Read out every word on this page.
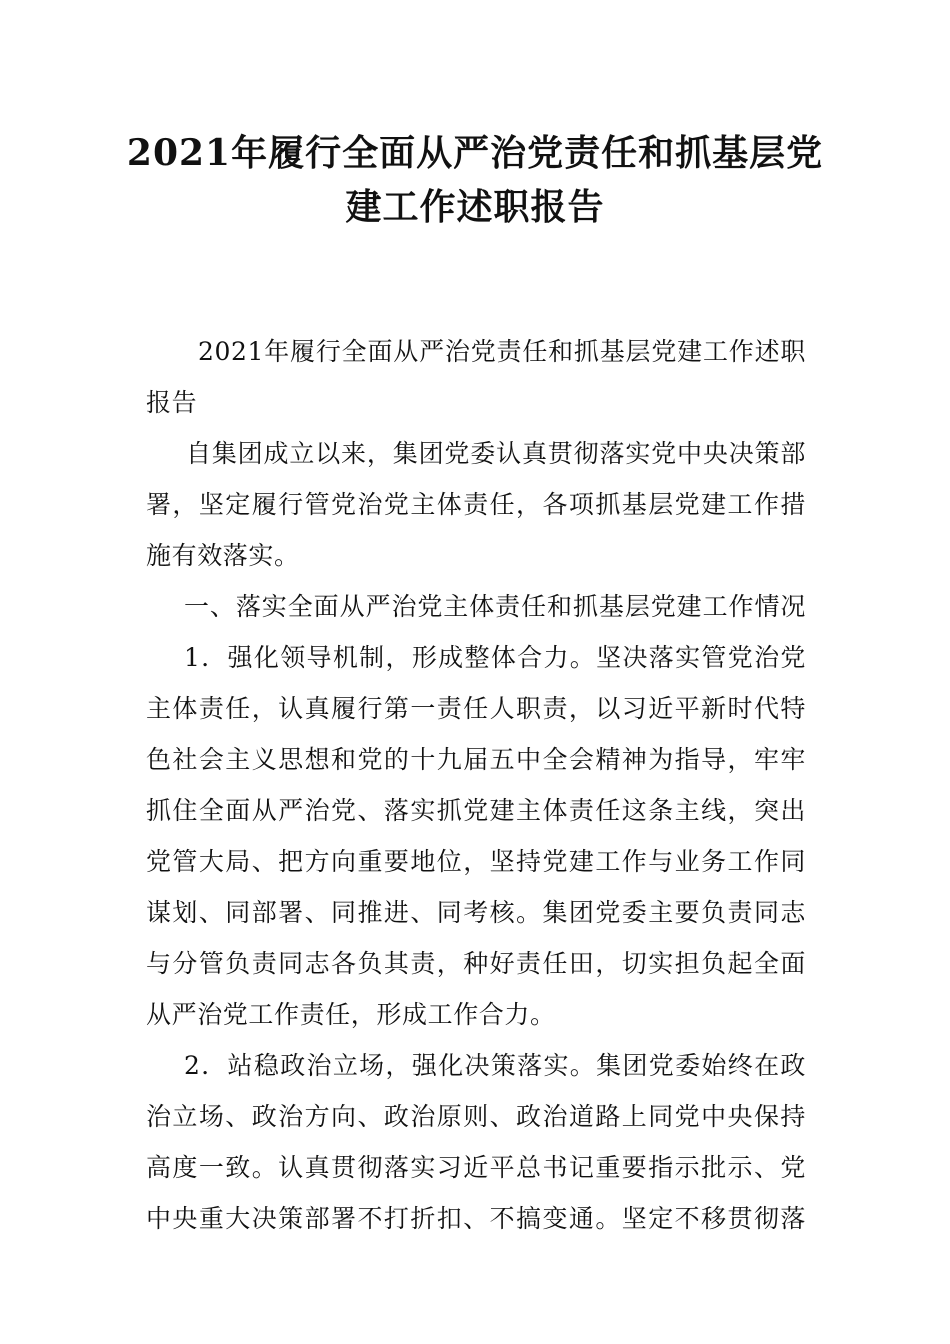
2021年履行全面从严治党责任和抓基层党
建工作述职报告
2021年履行全面从严治党责任和抓基层党建工作述职
报告
自集团成立以来，集团党委认真贯彻落实党中央决策部
署，坚定履行管党治党主体责任，各项抓基层党建工作措
施有效落实。
一、落实全面从严治党主体责任和抓基层党建工作情况
1．强化领导机制，形成整体合力。坚决落实管党治党
主体责任，认真履行第一责任人职责，以习近平新时代特
色社会主义思想和党的十九届五中全会精神为指导，牢牢
抓住全面从严治党、落实抓党建主体责任这条主线，突出
党管大局、把方向重要地位，坚持党建工作与业务工作同
谋划、同部署、同推进、同考核。集团党委主要负责同志
与分管负责同志各负其责，种好责任田，切实担负起全面
从严治党工作责任，形成工作合力。
2．站稳政治立场，强化决策落实。集团党委始终在政
治立场、政治方向、政治原则、政治道路上同党中央保持
高度一致。认真贯彻落实习近平总书记重要指示批示、党
中央重大决策部署不打折扣、不搞变通。坚定不移贯彻落
